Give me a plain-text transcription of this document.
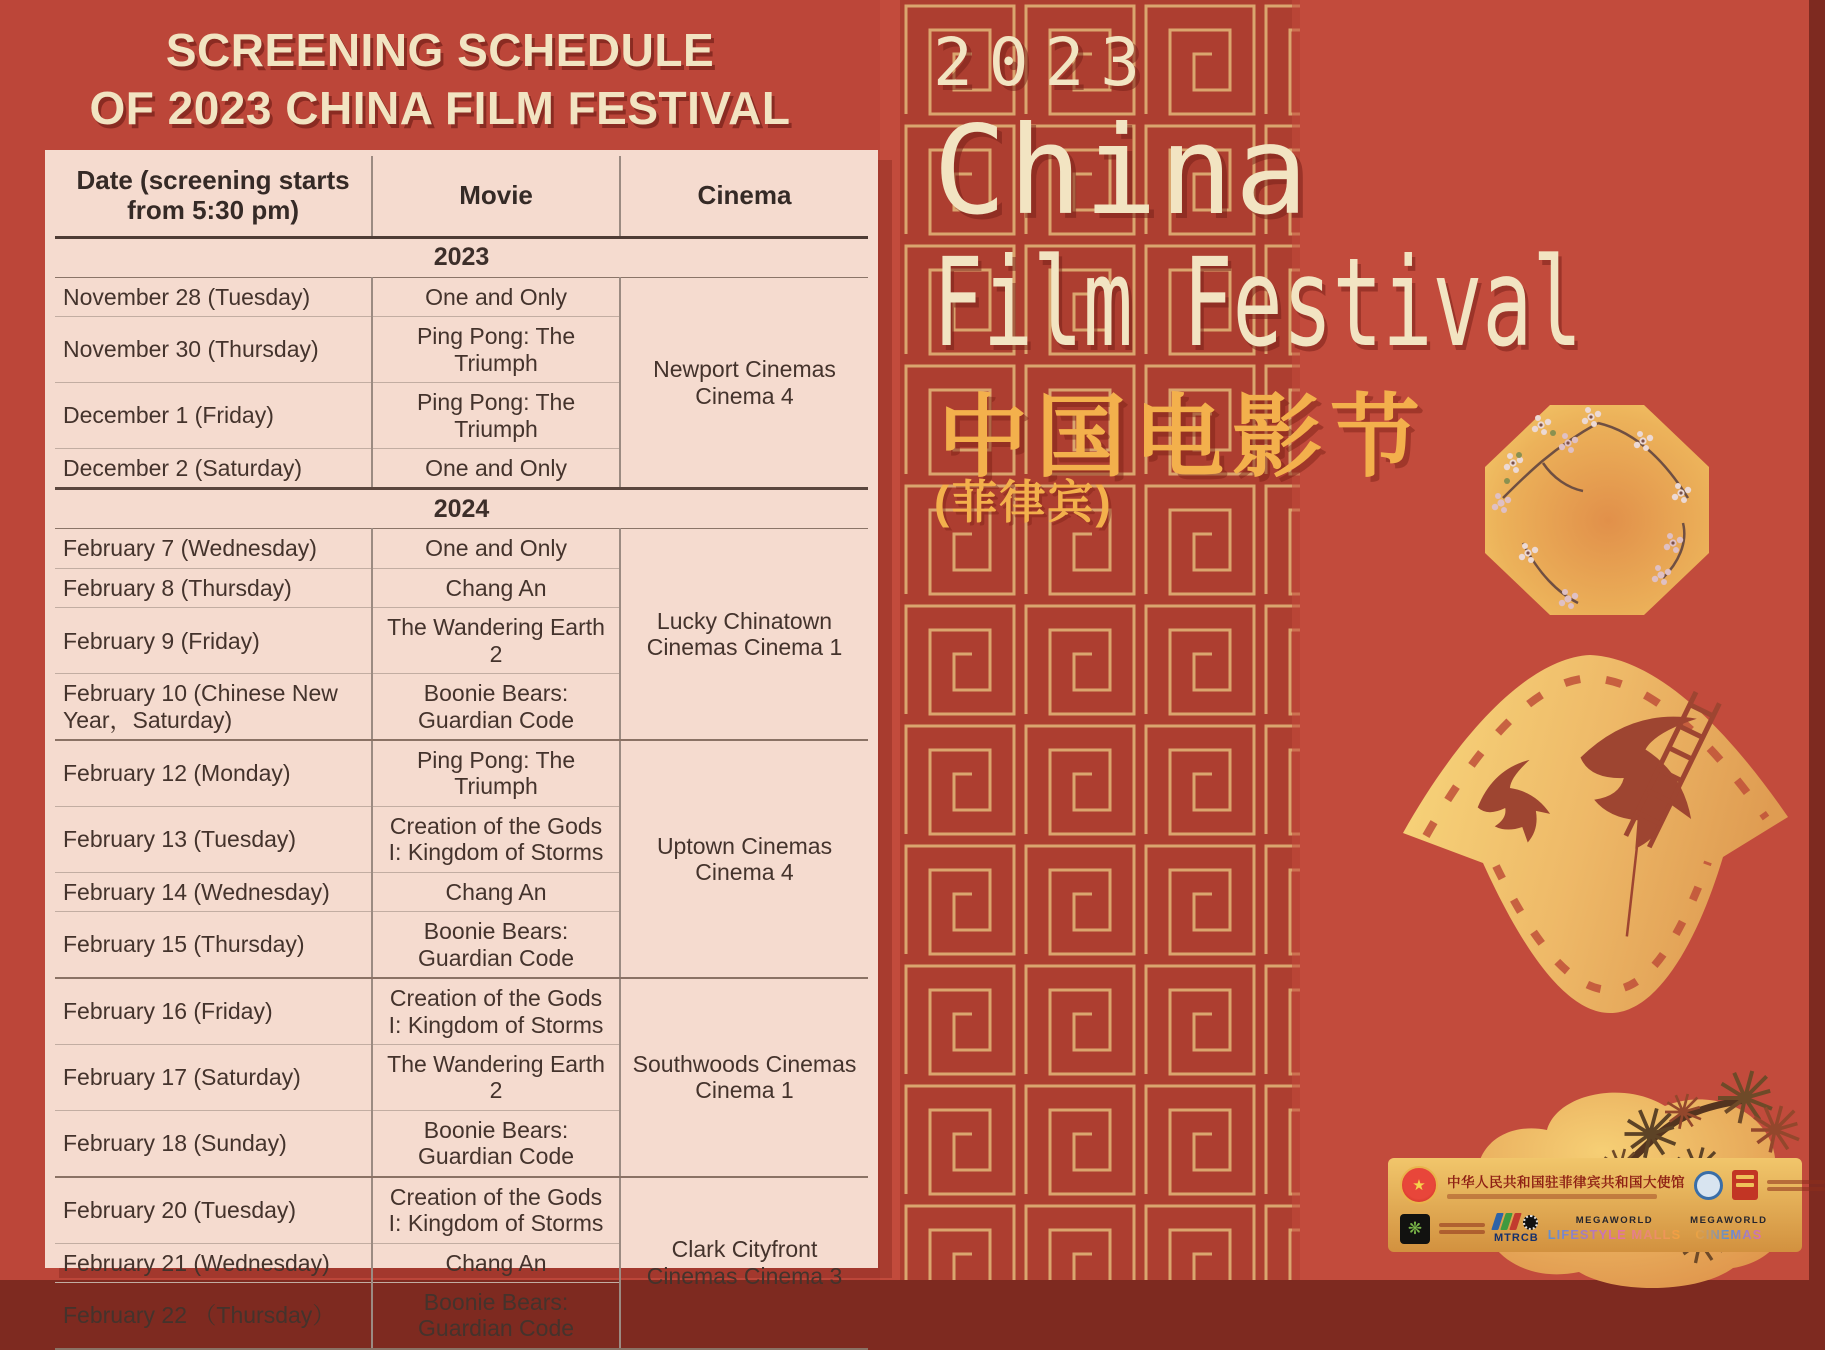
SCREENING SCHEDULE
OF 2023 CHINA FILM FESTIVAL
Date (screening starts from 5:30 pm)	Movie	Cinema
2023		
November 28 (Tuesday)	One and Only	Newport Cinemas Cinema 4
November 30 (Thursday)	Ping Pong: The Triumph	
December 1 (Friday)	Ping Pong: The Triumph	
December 2 (Saturday)	One and Only	
2024		
February 7 (Wednesday)	One and Only	Lucky Chinatown Cinemas Cinema 1
February 8 (Thursday)	Chang An	
February 9 (Friday)	The Wandering Earth 2	
February 10 (Chinese New Year，Saturday)	Boonie Bears: Guardian Code	
February 12 (Monday)	Ping Pong: The Triumph	Uptown Cinemas Cinema 4
February 13 (Tuesday)	Creation of the Gods I: Kingdom of Storms	
February 14 (Wednesday)	Chang An	
February 15 (Thursday)	Boonie Bears: Guardian Code	
February 16 (Friday)	Creation of the Gods I: Kingdom of Storms	Southwoods Cinemas Cinema 1
February 17 (Saturday)	The Wandering Earth 2	
February 18 (Sunday)	Boonie Bears: Guardian Code	
February 20 (Tuesday)	Creation of the Gods I: Kingdom of Storms	Clark Cityfront Cinemas Cinema 3
February 21 (Wednesday)	Chang An	
February 22 （Thursday）	Boonie Bears: Guardian Code	
2023
China
Film Festival
中国电影节
(菲律宾)
★	中华人民共和国驻菲律宾共和国大使馆
❋
MTRCB
MEGAWORLD
LIFESTYLE MALLS
MEGAWORLD
CINEMAS
